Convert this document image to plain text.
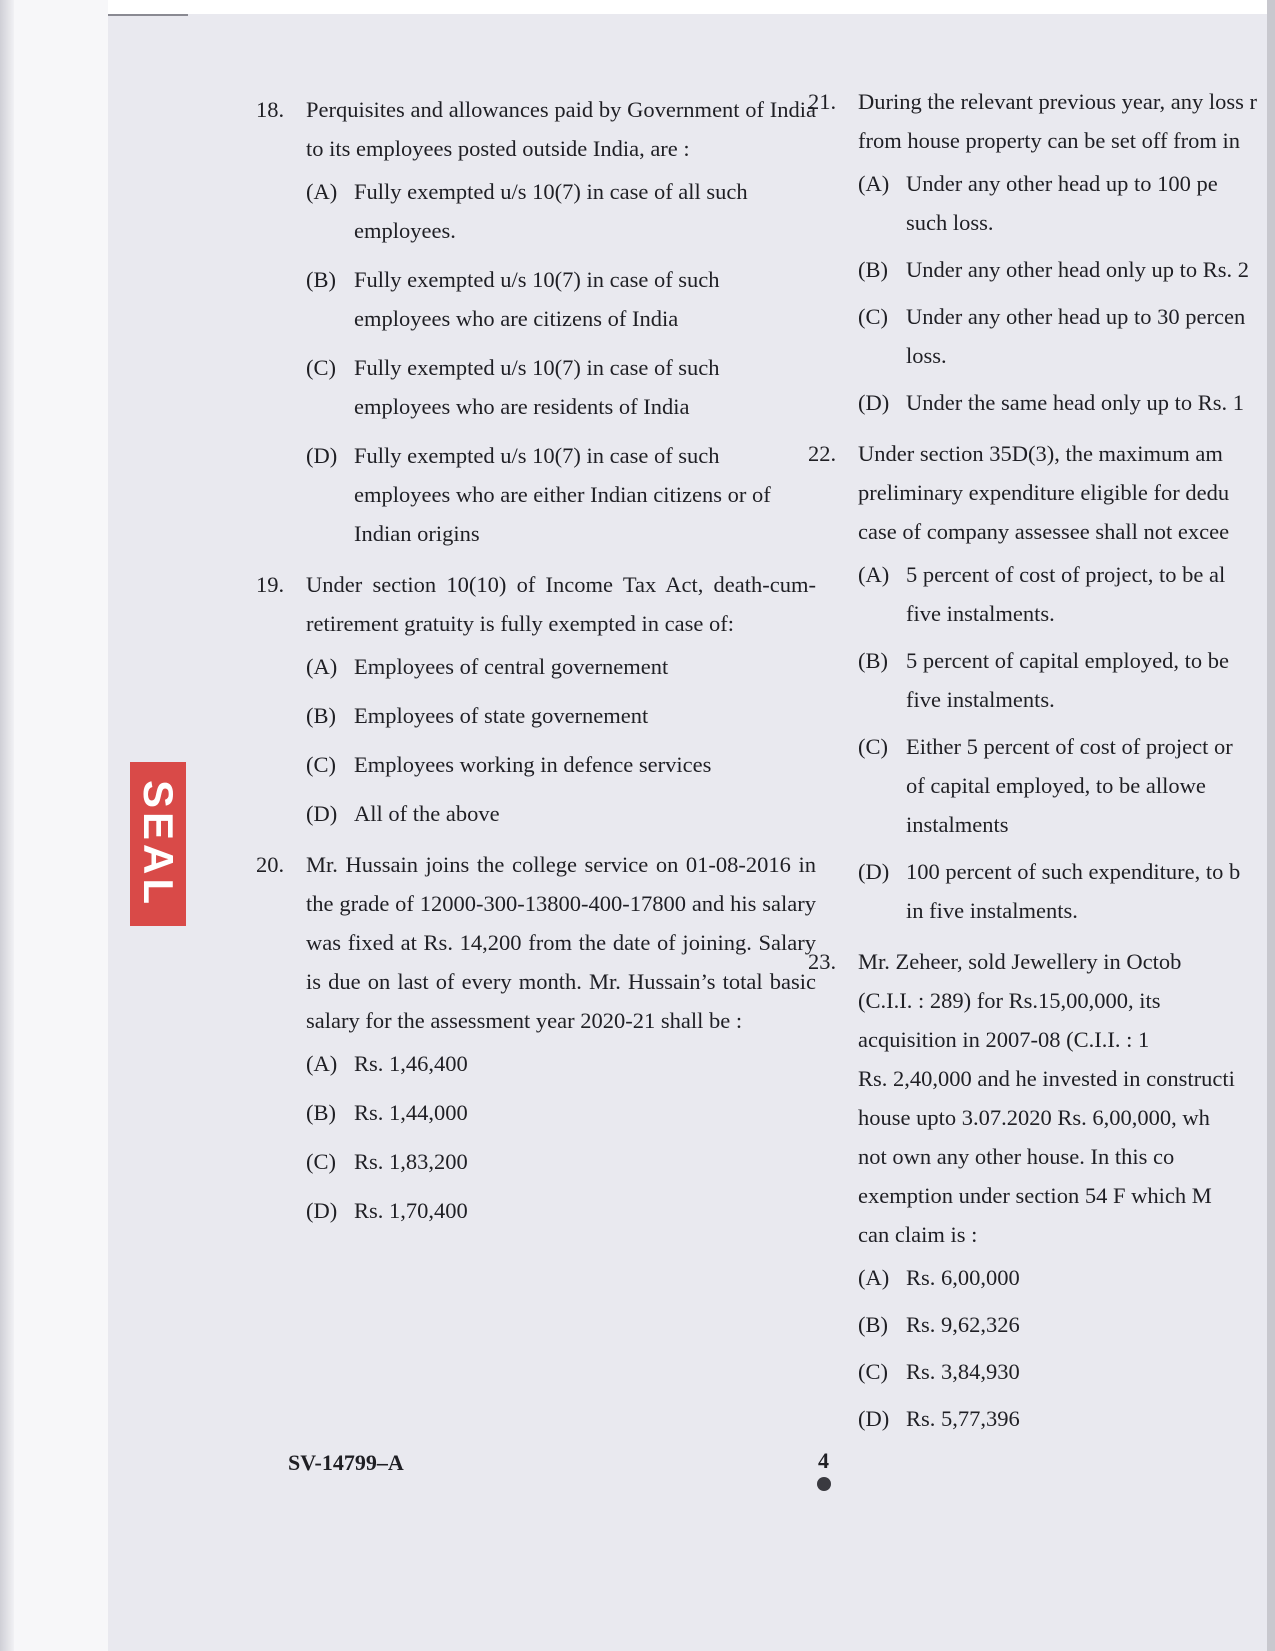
SEAL
18. Perquisites and allowances paid by Government of India to its employees posted outside India, are :
(A) Fully exempted u/s 10(7) in case of all such employees.
(B) Fully exempted u/s 10(7) in case of such employees who are citizens of India
(C) Fully exempted u/s 10(7) in case of such employees who are residents of India
(D) Fully exempted u/s 10(7) in case of such employees who are either Indian citizens or of Indian origins
19. Under section 10(10) of Income Tax Act, death-cum- retirement gratuity is fully exempted in case of:
(A) Employees of central governement
(B) Employees of state governement
(C) Employees working in defence services
(D) All of the above
20. Mr. Hussain joins the college service on 01-08-2016 in the grade of 12000-300-13800-400-17800 and his salary was fixed at Rs. 14,200 from the date of joining. Salary is due on last of every month. Mr. Hussain’s total basic salary for the assessment year 2020-21 shall be :
(A) Rs. 1,46,400
(B) Rs. 1,44,000
(C) Rs. 1,83,200
(D) Rs. 1,70,400
21. During the relevant previous year, any loss r
from house property can be set off from in
(A) Under any other head up to 100 pe
such loss.
(B) Under any other head only up to Rs. 2
(C) Under any other head up to 30 percen
loss.
(D) Under the same head only up to Rs. 1
22. Under section 35D(3), the maximum am
preliminary expenditure eligible for dedu
case of company assessee shall not excee
(A) 5 percent of cost of project, to be al
five instalments.
(B) 5 percent of capital employed, to be
five instalments.
(C) Either 5 percent of cost of project or
of capital employed, to be allowe
instalments
(D) 100 percent of such expenditure, to b
in five instalments.
23. Mr. Zeheer, sold Jewellery in Octob
(C.I.I. : 289) for Rs.15,00,000, its
acquisition in 2007-08 (C.I.I. : 1
Rs. 2,40,000 and he invested in constructi
house upto 3.07.2020 Rs. 6,00,000, wh
not own any other house. In this co
exemption under section 54 F which M
can claim is :
(A) Rs. 6,00,000
(B) Rs. 9,62,326
(C) Rs. 3,84,930
(D) Rs. 5,77,396
SV-14799–A	4
